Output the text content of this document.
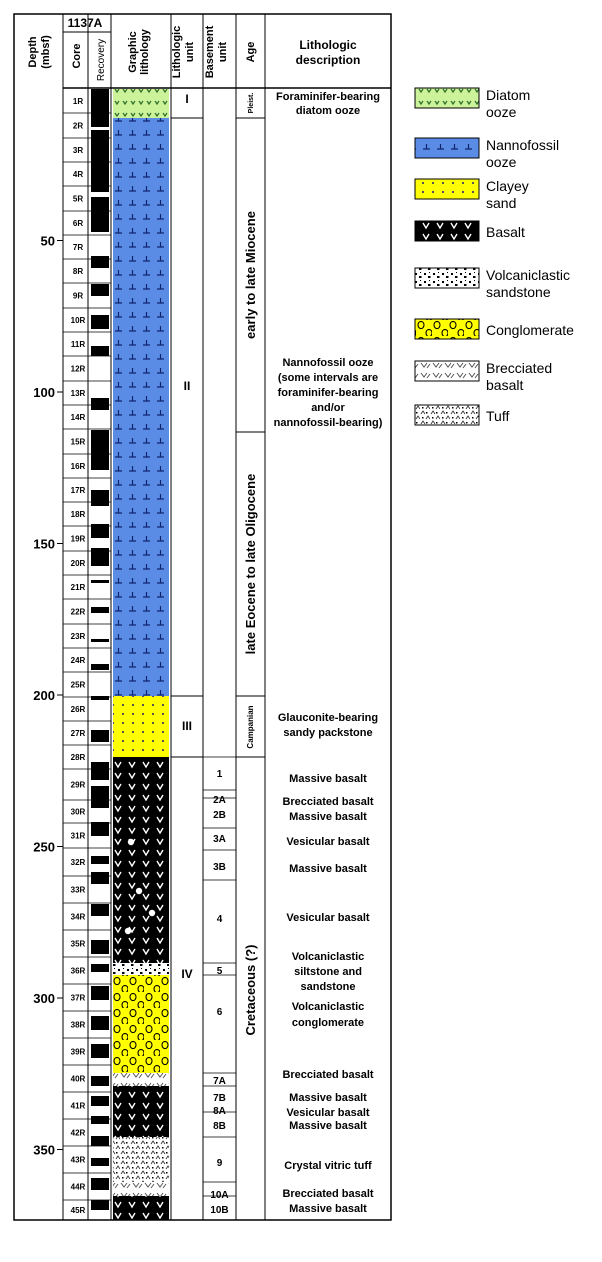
1137A
Depth (mbsf) Core Recovery Graphic lithology Lithologic unit Basement unit Age	Lithologic
description
1R
2R
3R
4R
5R
6R
7R
8R
9R
10R
11R
12R
13R
14R
15R
16R
17R
18R
19R
20R
21R
22R
23R
24R
25R
26R
27R
28R
29R
30R
31R
32R
33R
34R
35R
36R
37R
38R
39R
40R
41R
42R
43R
44R
45R
50
100
150
200
250
300
350
I
II
III
IV
1
2A
2B
3A
3B
4
5
6
7A
7B
8A
8B
9
10A
10B
Pleist.
early to late Miocene
late Eocene to late Oligocene
Campanian
Cretaceous (?)
Foraminifer-bearing
diatom ooze
Nannofossil ooze
(some intervals are
foraminifer-bearing
and/or
nannofossil-bearing)
Glauconite-bearing
sandy packstone
Massive basalt
Brecciated basalt
Massive basalt
Vesicular basalt
Massive basalt
Vesicular basalt
Volcaniclastic
siltstone and
sandstone
Volcaniclastic
conglomerate
Brecciated basalt
Massive basalt
Vesicular basalt
Massive basalt
Crystal vitric tuff
Brecciated basalt
Massive basalt
Diatom
ooze
Nannofossil
ooze
Clayey
sand
Basalt
Volcaniclastic
sandstone
Conglomerate
Brecciated
basalt
Tuff
